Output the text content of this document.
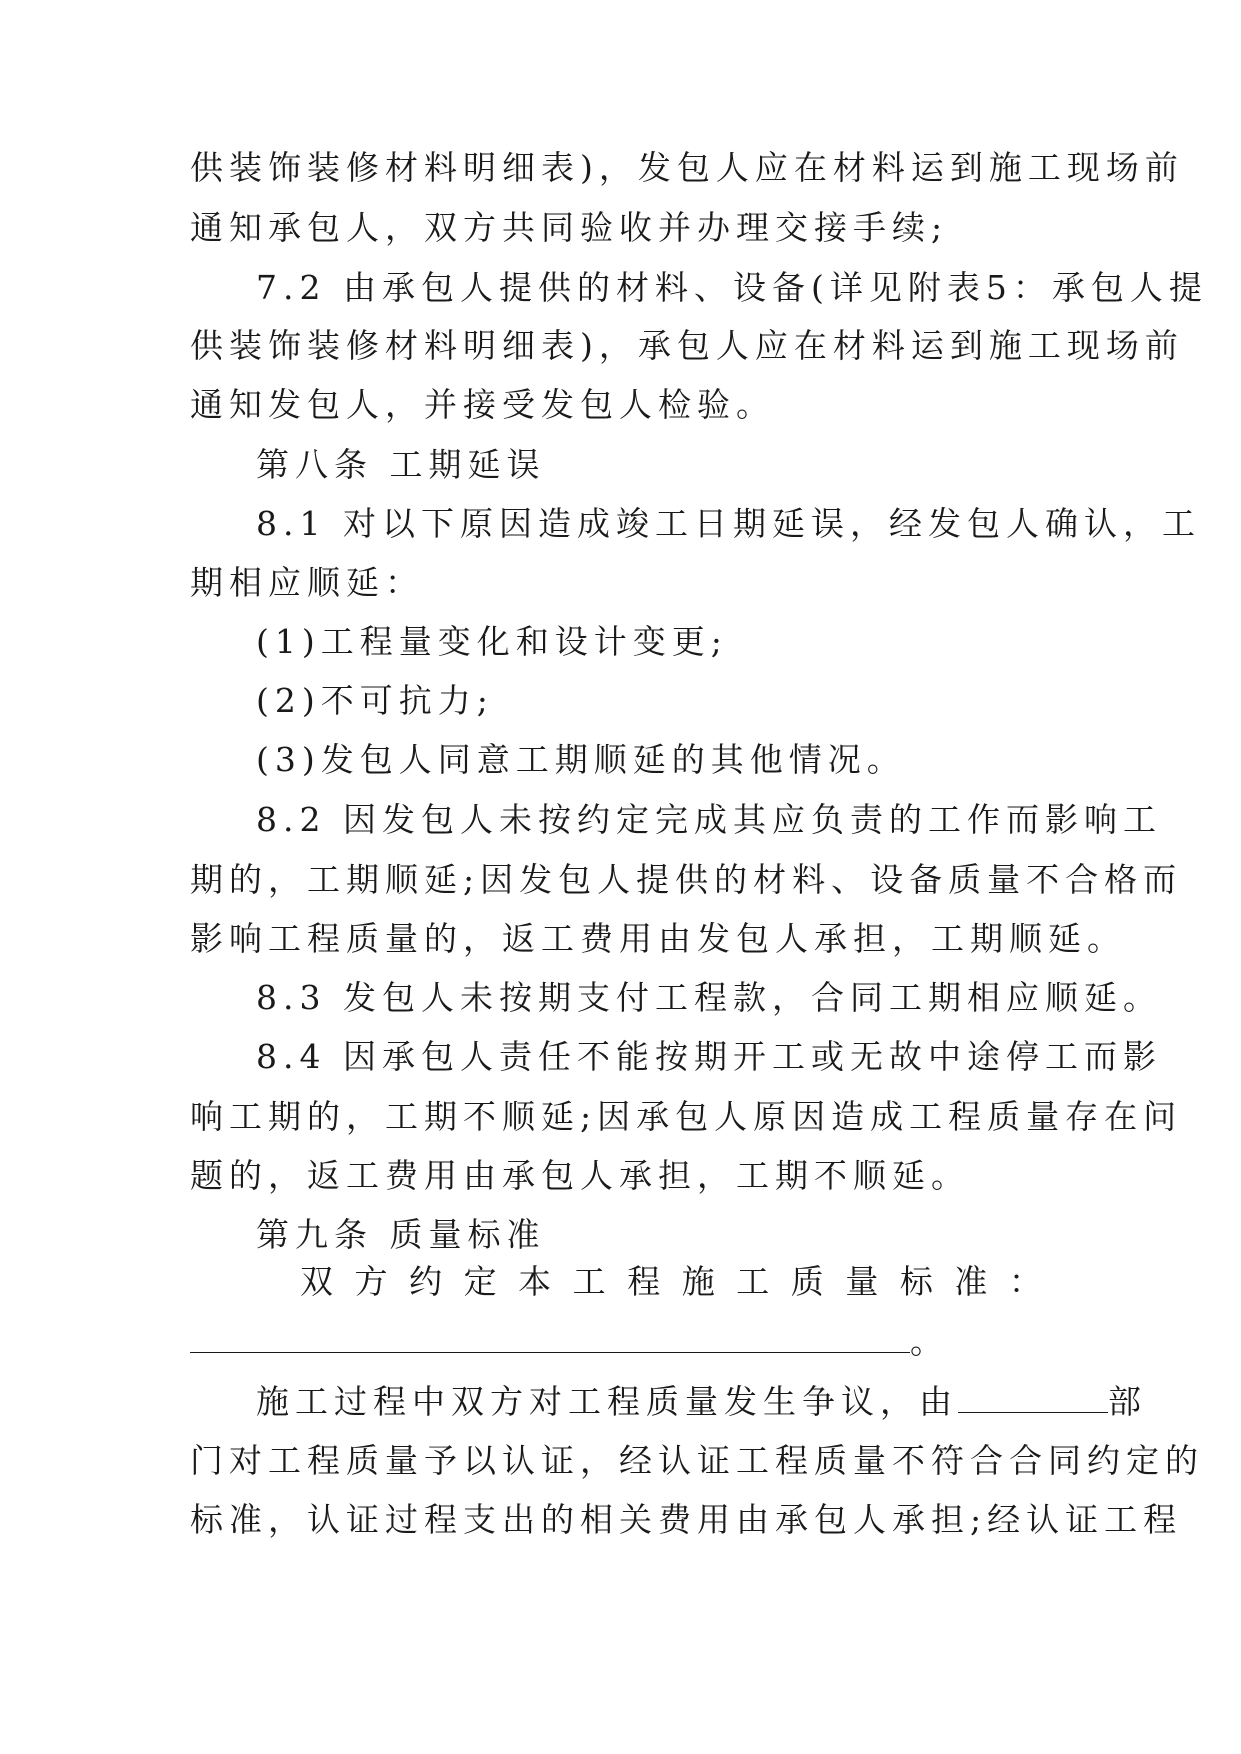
供装饰装修材料明细表)，发包人应在材料运到施工现场前

通知承包人，双方共同验收并办理交接手续;

7.2 由承包人提供的材料、设备(详见附表5：承包人提

供装饰装修材料明细表)，承包人应在材料运到施工现场前

通知发包人，并接受发包人检验。

第八条 工期延误

8.1 对以下原因造成竣工日期延误，经发包人确认，工

期相应顺延：

(1)工程量变化和设计变更;

(2)不可抗力;

(3)发包人同意工期顺延的其他情况。

8.2 因发包人未按约定完成其应负责的工作而影响工

期的，工期顺延;因发包人提供的材料、设备质量不合格而

影响工程质量的，返工费用由发包人承担，工期顺延。

8.3 发包人未按期支付工程款，合同工期相应顺延。

8.4 因承包人责任不能按期开工或无故中途停工而影

响工期的，工期不顺延;因承包人原因造成工程质量存在问

题的，返工费用由承包人承担，工期不顺延。

第九条 质量标准

双 方 约 定 本 工 程 施 工 质 量 标 准 ：

。

施工过程中双方对工程质量发生争议，由	部

门对工程质量予以认证，经认证工程质量不符合合同约定的

标准，认证过程支出的相关费用由承包人承担;经认证工程
